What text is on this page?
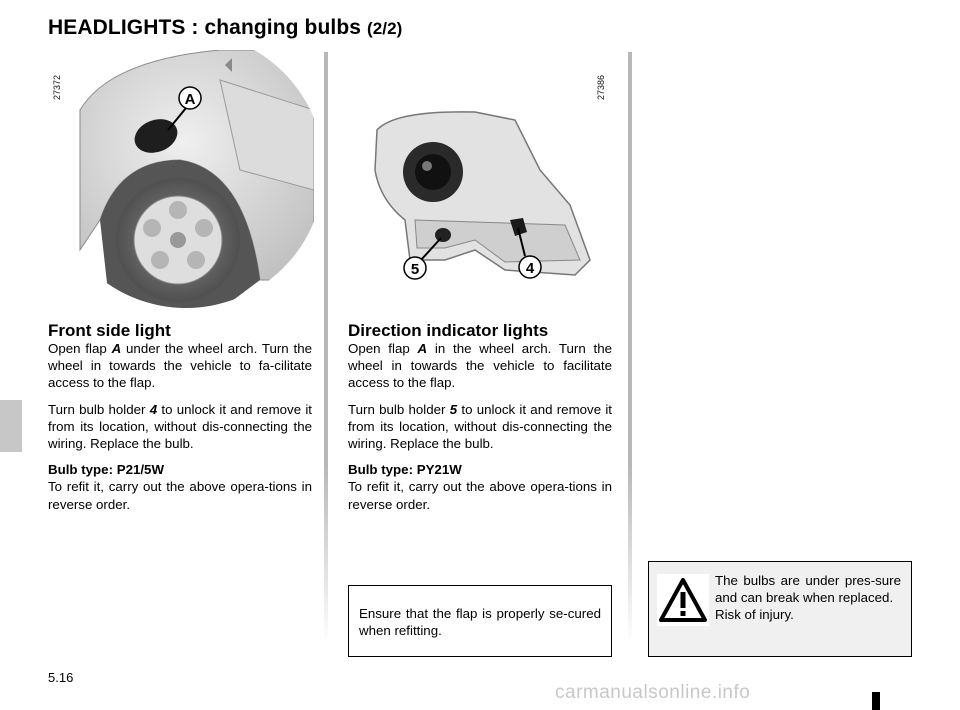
HEADLIGHTS : changing bulbs (2/2)
27372	A	27386
5	4
Front side light

Open flap A under the wheel arch. Turn the wheel in towards the vehicle to fa-cilitate access to the flap.

Turn bulb holder 4 to unlock it and remove it from its location, without dis-connecting the wiring. Replace the bulb.

Bulb type: P21/5W

To refit it, carry out the above opera-tions in reverse order.

Direction indicator lights

Open flap A in the wheel arch. Turn the wheel in towards the vehicle to facilitate access to the flap.

Turn bulb holder 5 to unlock it and remove it from its location, without dis-connecting the wiring. Replace the bulb.

Bulb type: PY21W

To refit it, carry out the above opera-tions in reverse order.

Ensure that the flap is properly se-cured when refitting.
The bulbs are under pres-sure and can break when replaced.
Risk of injury.
5.16
carmanualsonline.info
